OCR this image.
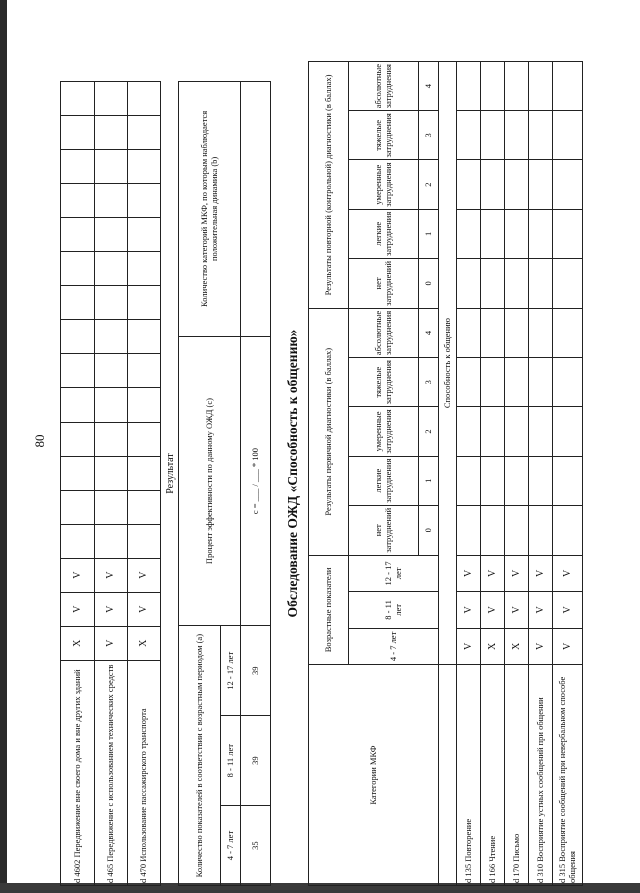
80
d 4602 Передвижение вне своего дома и вне других зданий	Х	V	V														
d 465 Передвижение с использованием технических средств	V	V	V														
d 470 Использование пассажирского транспорта	Х	V	V														
Результат
Количество показателей в соответствии с возрастным периодом (а)			Процент эффективности по данному ОЖД (с)	Количество категорий МКФ, по которым наблюдается положительная динамика (b)
4 - 7 лет	8 - 11 лет	12 - 17 лет		
35	39	39	с = ___ / ___ * 100	Обследование ОЖД «Способность к общению»
Категории МКФ	Возрастные показатели			Результаты первичной диагностики (в баллах)					Результаты повторной (контрольной) диагностики (в баллах)				
	4 - 7 лет	8 - 11 лет	12 - 17 лет	нет затруднений	легкие затруднения	умеренные затруднения	тяжелые затруднения	абсолютные затруднения	нет затруднений	легкие затруднения	умеренные затруднения	тяжелые затруднения	абсолютные затруднения
				0	1	2	3	4	0	1	2	3	4
	Способность к общению												
d 135 Повторение	V	V	V										
d 166 Чтение	Х	V	V										
d 170 Письмо	Х	V	V										
d 310 Восприятие устных сообщений при общении	V	V	V										
d 315 Восприятие сообщений при невербальном способе общения	V	V	V										
